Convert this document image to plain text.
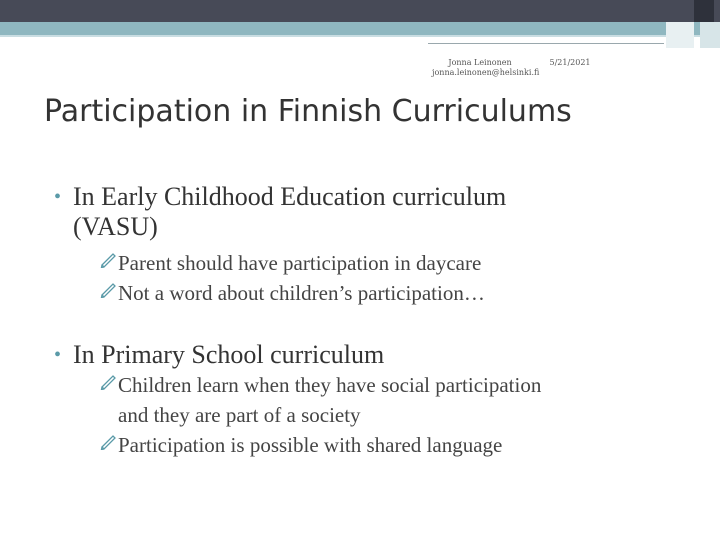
Jonna Leinonen
jonna.leinonen@helsinki.fi
5/21/2021
Participation in Finnish Curriculums
• In Early Childhood Education curriculum
(VASU)
Parent should have participation in daycare
Not a word about children’s participation…
• In Primary School curriculum
Children learn when they have social participation
and they are part of a society
Participation is possible with shared language
